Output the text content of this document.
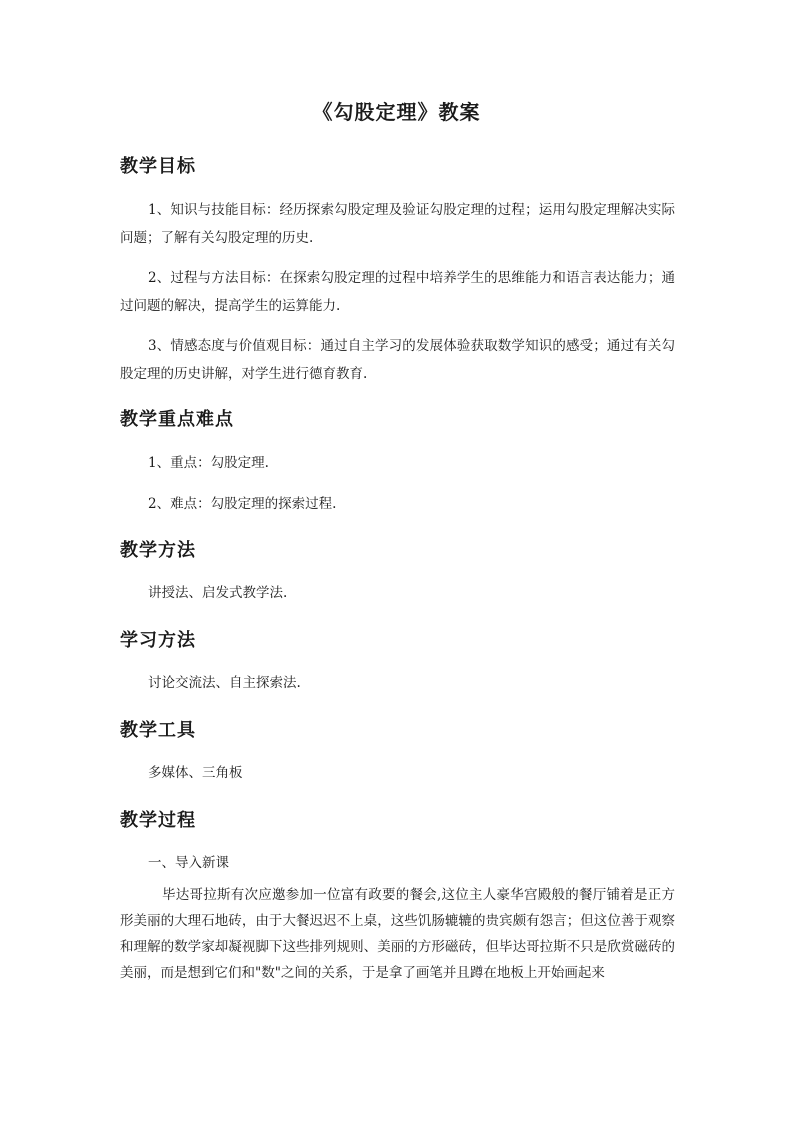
《勾股定理》教案
教学目标
1、知识与技能目标：经历探索勾股定理及验证勾股定理的过程；运用勾股定理解决实际问题；了解有关勾股定理的历史.
2、过程与方法目标：在探索勾股定理的过程中培养学生的思维能力和语言表达能力；通过问题的解决，提高学生的运算能力.
3、情感态度与价值观目标：通过自主学习的发展体验获取数学知识的感受；通过有关勾股定理的历史讲解，对学生进行德育教育.
教学重点难点
1、重点：勾股定理.
2、难点：勾股定理的探索过程.
教学方法
讲授法、启发式教学法.
学习方法
讨论交流法、自主探索法.
教学工具
多媒体、三角板
教学过程
一、导入新课
毕达哥拉斯有次应邀参加一位富有政要的餐会,这位主人豪华宫殿般的餐厅铺着是正方形美丽的大理石地砖，由于大餐迟迟不上桌，这些饥肠辘辘的贵宾颇有怨言；但这位善于观察和理解的数学家却凝视脚下这些排列规则、美丽的方形磁砖，但毕达哥拉斯不只是欣赏磁砖的美丽，而是想到它们和"数"之间的关系，于是拿了画笔并且蹲在地板上开始画起来
